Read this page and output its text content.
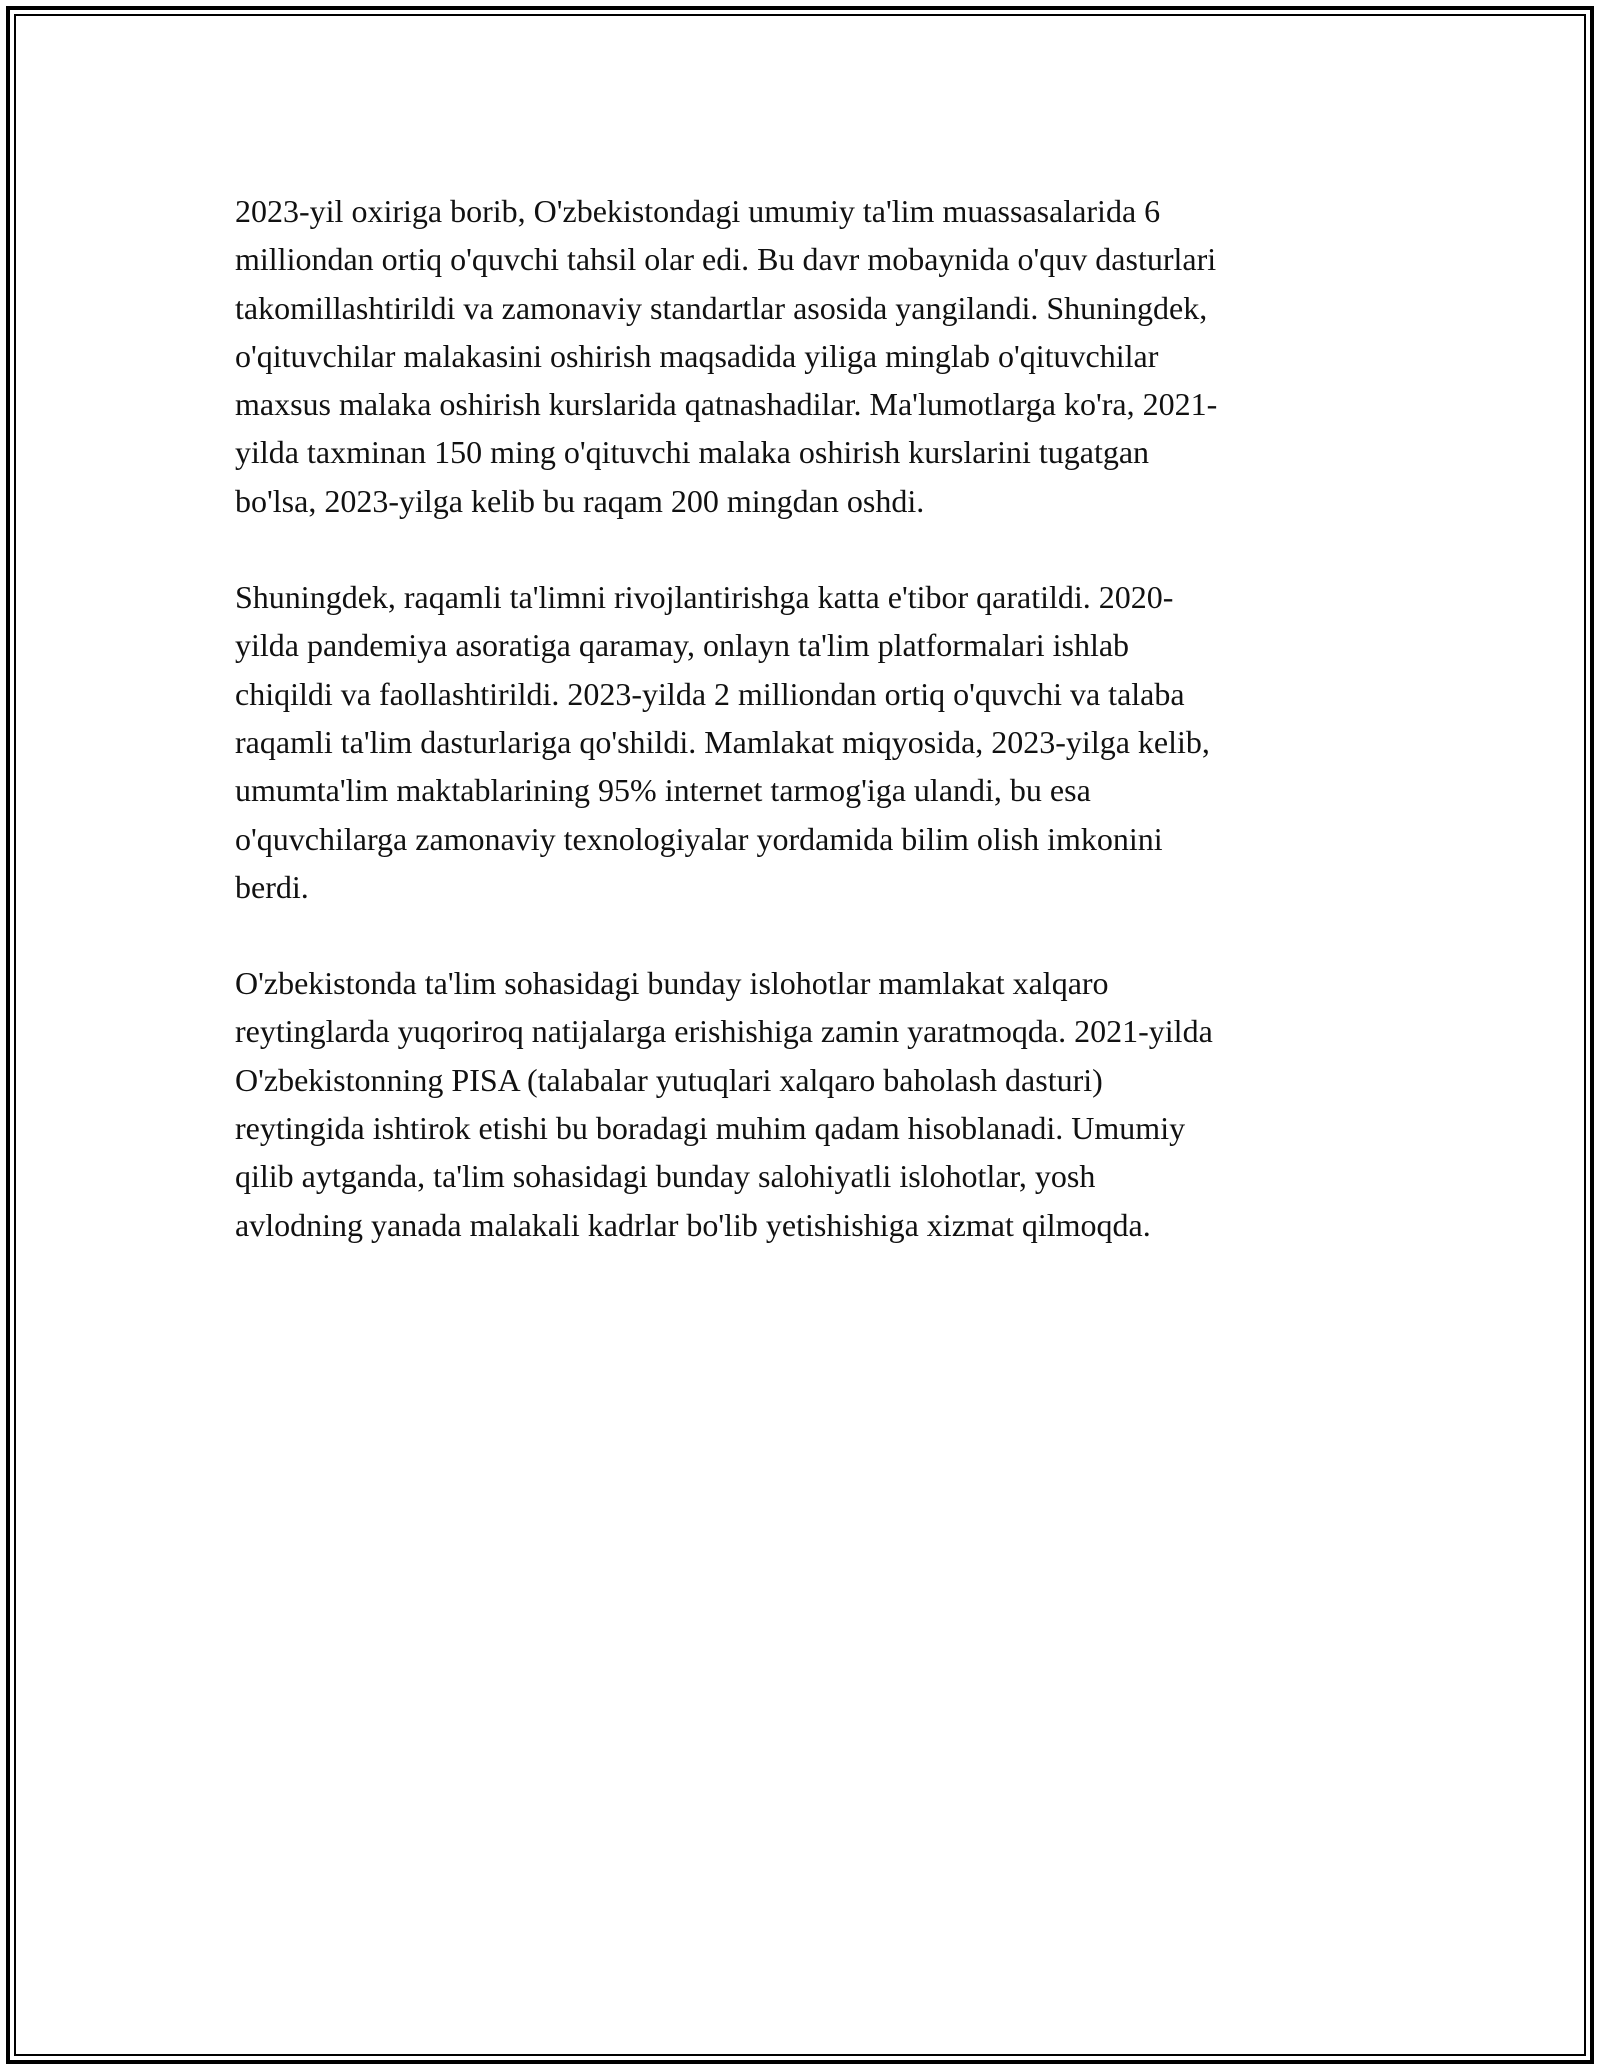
2023-yil oxiriga borib, O'zbekistondagi umumiy ta'lim muassasalarida 6
milliondan ortiq o'quvchi tahsil olar edi. Bu davr mobaynida o'quv dasturlari
takomillashtirildi va zamonaviy standartlar asosida yangilandi. Shuningdek,
o'qituvchilar malakasini oshirish maqsadida yiliga minglab o'qituvchilar
maxsus malaka oshirish kurslarida qatnashadilar. Ma'lumotlarga ko'ra, 2021-
yilda taxminan 150 ming o'qituvchi malaka oshirish kurslarini tugatgan
bo'lsa, 2023-yilga kelib bu raqam 200 mingdan oshdi.

Shuningdek, raqamli ta'limni rivojlantirishga katta e'tibor qaratildi. 2020-
yilda pandemiya asoratiga qaramay, onlayn ta'lim platformalari ishlab
chiqildi va faollashtirildi. 2023-yilda 2 milliondan ortiq o'quvchi va talaba
raqamli ta'lim dasturlariga qo'shildi. Mamlakat miqyosida, 2023-yilga kelib,
umumta'lim maktablarining 95% internet tarmog'iga ulandi, bu esa
o'quvchilarga zamonaviy texnologiyalar yordamida bilim olish imkonini
berdi.

O'zbekistonda ta'lim sohasidagi bunday islohotlar mamlakat xalqaro
reytinglarda yuqoriroq natijalarga erishishiga zamin yaratmoqda. 2021-yilda
O'zbekistonning PISA (talabalar yutuqlari xalqaro baholash dasturi)
reytingida ishtirok etishi bu boradagi muhim qadam hisoblanadi. Umumiy
qilib aytganda, ta'lim sohasidagi bunday salohiyatli islohotlar, yosh
avlodning yanada malakali kadrlar bo'lib yetishishiga xizmat qilmoqda.
